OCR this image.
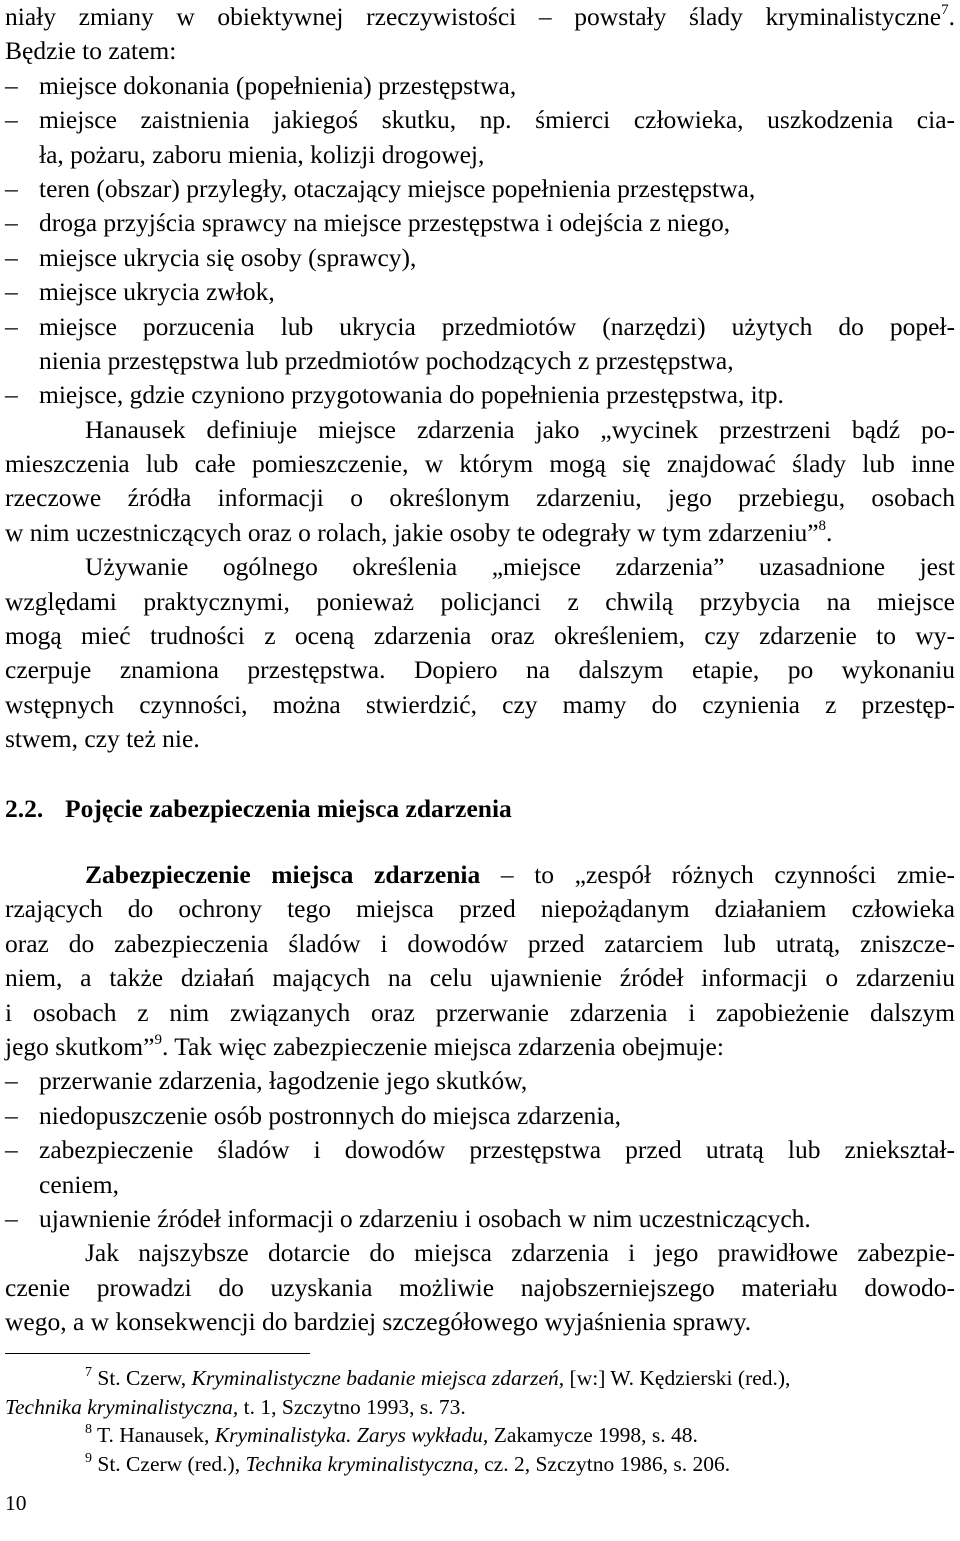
niały zmiany w obiektywnej rzeczywistości – powstały ślady kryminalistyczne$^7$.
Będzie to zatem:
– miejsce dokonania (popełnienia) przestępstwa,
– miejsce zaistnienia jakiegoś skutku, np. śmierci człowieka, uszkodzenia cia-
ła, pożaru, zaboru mienia, kolizji drogowej,
– teren (obszar) przyległy, otaczający miejsce popełnienia przestępstwa,
– droga przyjścia sprawcy na miejsce przestępstwa i odejścia z niego,
– miejsce ukrycia się osoby (sprawcy),
– miejsce ukrycia zwłok,
– miejsce porzucenia lub ukrycia przedmiotów (narzędzi) użytych do popeł-
nienia przestępstwa lub przedmiotów pochodzących z przestępstwa,
– miejsce, gdzie czyniono przygotowania do popełnienia przestępstwa, itp.
Hanausek definiuje miejsce zdarzenia jako „wycinek przestrzeni bądź po-
mieszczenia lub całe pomieszczenie, w którym mogą się znajdować ślady lub inne
rzeczowe źródła informacji o określonym zdarzeniu, jego przebiegu, osobach
w nim uczestniczących oraz o rolach, jakie osoby te odegrały w tym zdarzeniu”$^8$.
Używanie ogólnego określenia „miejsce zdarzenia” uzasadnione jest
względami praktycznymi, ponieważ policjanci z chwilą przybycia na miejsce
mogą mieć trudności z oceną zdarzenia oraz określeniem, czy zdarzenie to wy-
czerpuje znamiona przestępstwa. Dopiero na dalszym etapie, po wykonaniu
wstępnych czynności, można stwierdzić, czy mamy do czynienia z przestęp-
stwem, czy też nie.
2.2. Pojęcie zabezpieczenia miejsca zdarzenia
Zabezpieczenie miejsca zdarzenia – to „zespół różnych czynności zmie-
rzających do ochrony tego miejsca przed niepożądanym działaniem człowieka
oraz do zabezpieczenia śladów i dowodów przed zatarciem lub utratą, zniszcze-
niem, a także działań mających na celu ujawnienie źródeł informacji o zdarzeniu
i osobach z nim związanych oraz przerwanie zdarzenia i zapobieżenie dalszym
jego skutkom”$^9$. Tak więc zabezpieczenie miejsca zdarzenia obejmuje:
– przerwanie zdarzenia, łagodzenie jego skutków,
– niedopuszczenie osób postronnych do miejsca zdarzenia,
– zabezpieczenie śladów i dowodów przestępstwa przed utratą lub zniekształ-
ceniem,
– ujawnienie źródeł informacji o zdarzeniu i osobach w nim uczestniczących.
Jak najszybsze dotarcie do miejsca zdarzenia i jego prawidłowe zabezpie-
czenie prowadzi do uzyskania możliwie najobszerniejszego materiału dowodo-
wego, a w konsekwencji do bardziej szczegółowego wyjaśnienia sprawy.
$^7$ St. Czerw, Kryminalistyczne badanie miejsca zdarzeń, [w:] W. Kędzierski (red.),
Technika kryminalistyczna, t. 1, Szczytno 1993, s. 73.
$^8$ T. Hanausek, Kryminalistyka. Zarys wykładu, Zakamycze 1998, s. 48.
$^9$ St. Czerw (red.), Technika kryminalistyczna, cz. 2, Szczytno 1986, s. 206.
10
